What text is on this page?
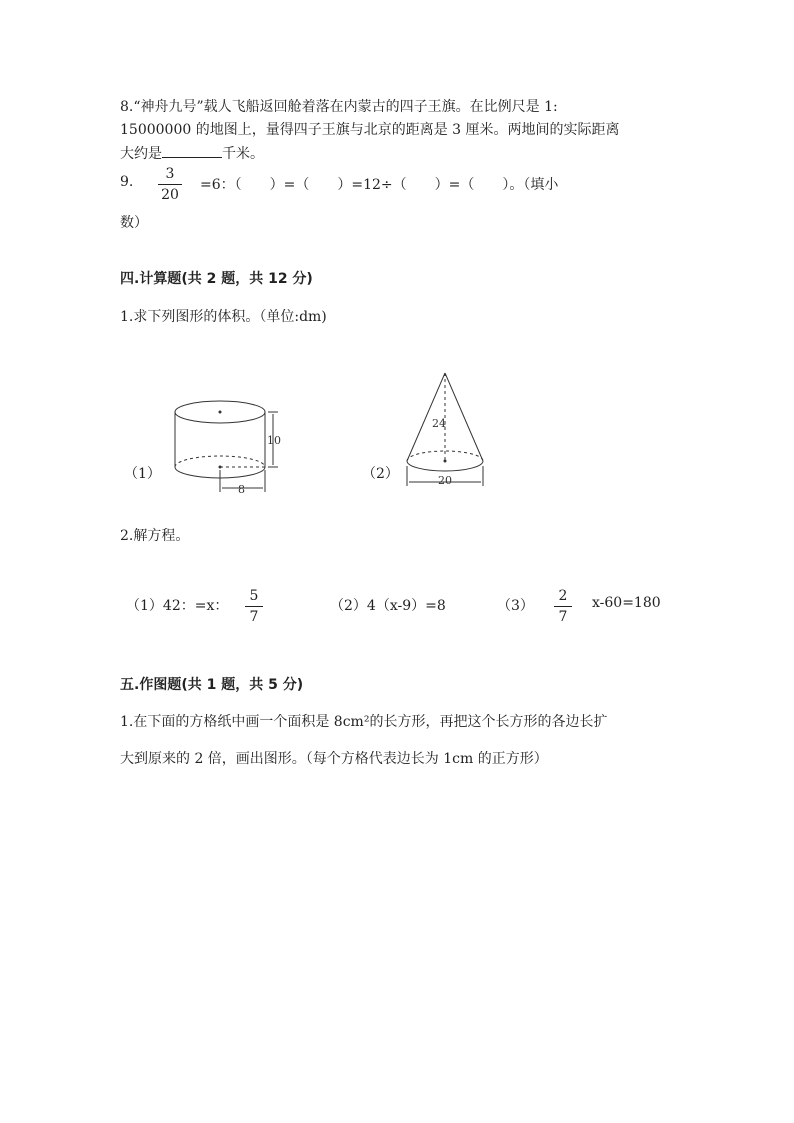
8.“神舟九号”载人飞船返回舱着落在内蒙古的四子王旗。在比例尺是 1:
15000000 的地图上，量得四子王旗与北京的距离是 3 厘米。两地间的实际距离
大约是	千米。
9.	3
20
=6：（　　）=（　　）=12÷（　　）=（　　）。（填小
数）
四.计算题(共 2 题，共 12 分)
1.求下列图形的体积。（单位:dm)
（1）
10
8
（2）
24
20
2.解方程。
（1）42：=x：
5
7
（2）4（x-9）=8	（3）
2
7
x-60=180
五.作图题(共 1 题，共 5 分)
1.在下面的方格纸中画一个面积是 8cm²的长方形，再把这个长方形的各边长扩
大到原来的 2 倍，画出图形。（每个方格代表边长为 1cm 的正方形）
